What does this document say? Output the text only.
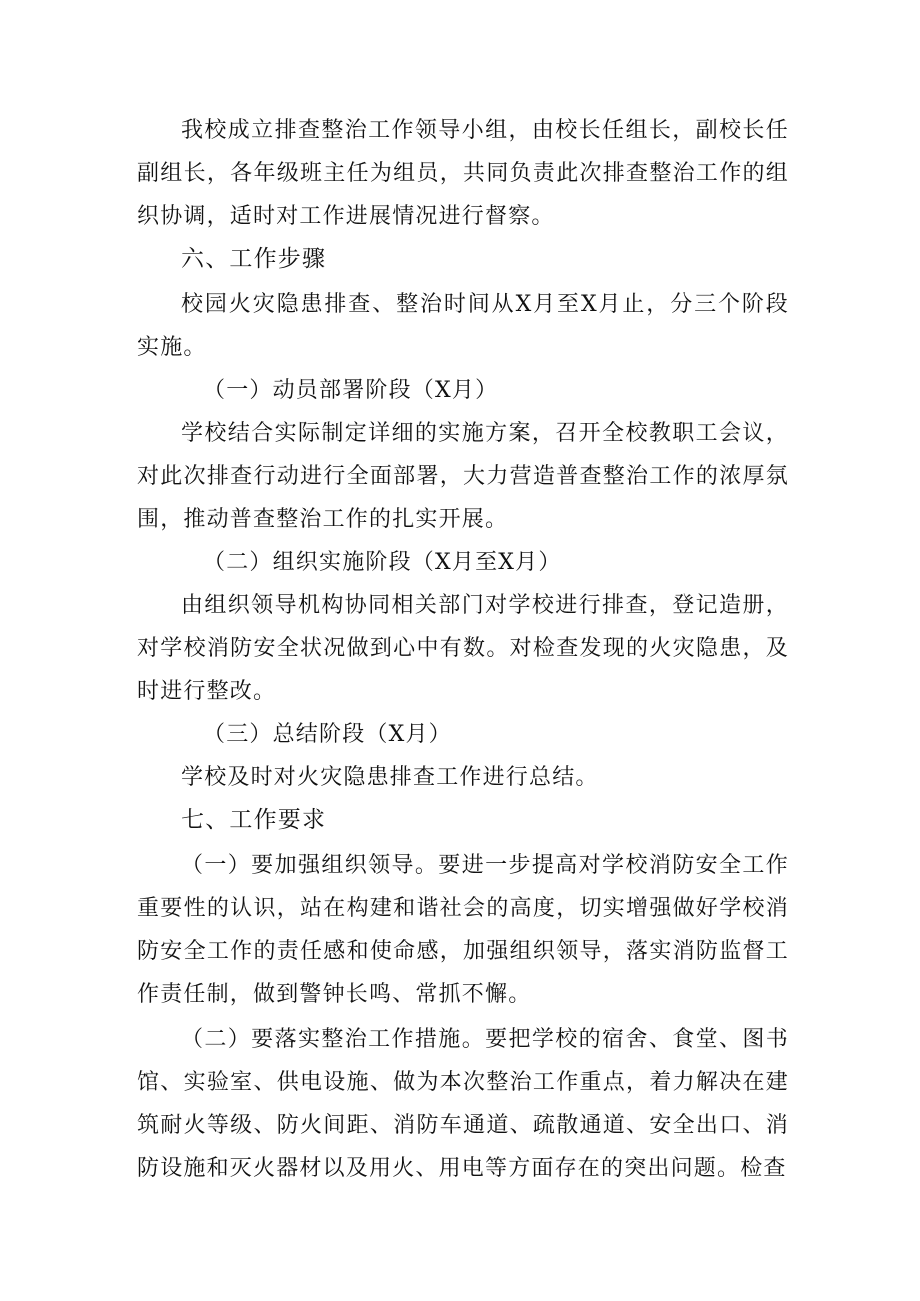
我校成立排查整治工作领导小组，由校长任组长，副校长任副组长，各年级班主任为组员，共同负责此次排查整治工作的组织协调，适时对工作进展情况进行督察。

六、工作步骤

校园火灾隐患排查、整治时间从X月至X月止，分三个阶段实施。

（一）动员部署阶段（X月）

学校结合实际制定详细的实施方案，召开全校教职工会议，对此次排查行动进行全面部署，大力营造普查整治工作的浓厚氛围，推动普查整治工作的扎实开展。

（二）组织实施阶段（X月至X月）

由组织领导机构协同相关部门对学校进行排查，登记造册，对学校消防安全状况做到心中有数。对检查发现的火灾隐患，及时进行整改。

（三）总结阶段（X月）

学校及时对火灾隐患排查工作进行总结。

七、工作要求

（一）要加强组织领导。要进一步提高对学校消防安全工作重要性的认识，站在构建和谐社会的高度，切实增强做好学校消防安全工作的责任感和使命感，加强组织领导，落实消防监督工作责任制，做到警钟长鸣、常抓不懈。

（二）要落实整治工作措施。要把学校的宿舍、食堂、图书馆、实验室、供电设施、做为本次整治工作重点，着力解决在建筑耐火等级、防火间距、消防车通道、疏散通道、安全出口、消防设施和灭火器材以及用火、用电等方面存在的突出问题。检查
